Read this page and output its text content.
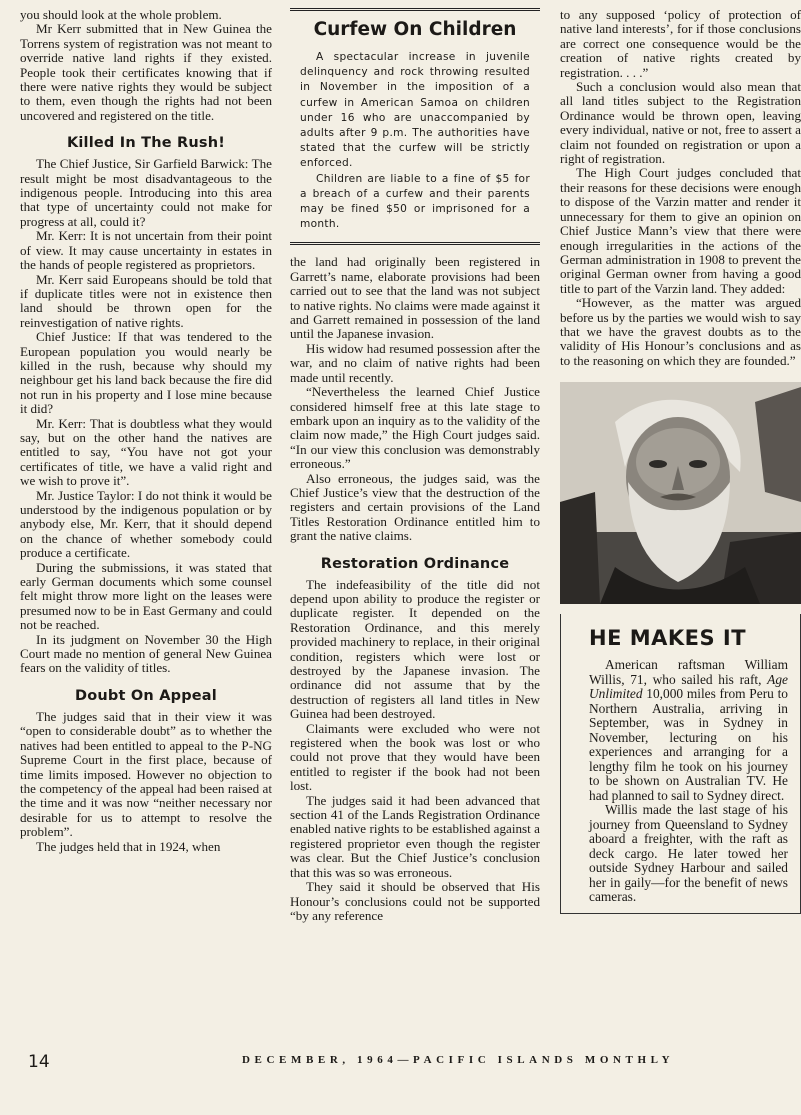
you should look at the whole problem.

Mr Kerr submitted that in New Guinea the Torrens system of registration was not meant to override native land rights if they existed. People took their certificates knowing that if there were native rights they would be subject to them, even though the rights had not been uncovered and registered on the title.

Killed In The Rush!

The Chief Justice, Sir Garfield Barwick: The result might be most disadvantageous to the indigenous people. Introducing into this area that type of uncertainty could not make for progress at all, could it?

Mr. Kerr: It is not uncertain from their point of view. It may cause uncertainty in estates in the hands of people registered as proprietors.

Mr. Kerr said Europeans should be told that if duplicate titles were not in existence then land should be thrown open for the reinvestigation of native rights.

Chief Justice: If that was tendered to the European population you would nearly be killed in the rush, because why should my neighbour get his land back because the fire did not run in his property and I lose mine because it did?

Mr. Kerr: That is doubtless what they would say, but on the other hand the natives are entitled to say, “You have not got your certificates of title, we have a valid right and we wish to prove it”.

Mr. Justice Taylor: I do not think it would be understood by the indigenous population or by anybody else, Mr. Kerr, that it should depend on the chance of whether somebody could produce a certificate.

During the submissions, it was stated that early German documents which some counsel felt might throw more light on the leases were presumed now to be in East Germany and could not be reached.

In its judgment on November 30 the High Court made no mention of general New Guinea fears on the validity of titles.

Doubt On Appeal

The judges said that in their view it was “open to considerable doubt” as to whether the natives had been entitled to appeal to the P-NG Supreme Court in the first place, because of time limits imposed. However no objection to the competency of the appeal had been raised at the time and it was now “neither necessary nor desirable for us to attempt to resolve the problem”.

The judges held that in 1924, when

Curfew On Children

A spectacular increase in juvenile delinquency and rock throwing resulted in November in the imposition of a curfew in American Samoa on children under 16 who are unaccompanied by adults after 9 p.m. The authorities have stated that the curfew will be strictly enforced.

Children are liable to a fine of $5 for a breach of a curfew and their parents may be fined $50 or imprisoned for a month.

the land had originally been registered in Garrett’s name, elaborate provisions had been carried out to see that the land was not subject to native rights. No claims were made against it and Garrett remained in possession of the land until the Japanese invasion.

His widow had resumed possession after the war, and no claim of native rights had been made until recently.

“Nevertheless the learned Chief Justice considered himself free at this late stage to embark upon an inquiry as to the validity of the claim now made,” the High Court judges said. “In our view this conclusion was demonstrably erroneous.”

Also erroneous, the judges said, was the Chief Justice’s view that the destruction of the registers and certain provisions of the Land Titles Restoration Ordinance entitled him to grant the native claims.

Restoration Ordinance

The indefeasibility of the title did not depend upon ability to produce the register or duplicate register. It depended on the Restoration Ordinance, and this merely provided machinery to replace, in their original condition, registers which were lost or destroyed by the Japanese invasion. The ordinance did not assume that by the destruction of registers all land titles in New Guinea had been destroyed.

Claimants were excluded who were not registered when the book was lost or who could not prove that they would have been entitled to register if the book had not been lost.

The judges said it had been advanced that section 41 of the Lands Registration Ordinance enabled native rights to be established against a registered proprietor even though the register was clear. But the Chief Justice’s conclusion that this was so was erroneous.

They said it should be observed that His Honour’s conclusions could not be supported “by any reference

to any supposed ‘policy of protection of native land interests’, for if those conclusions are correct one consequence would be the creation of native rights created by registration. . . .”

Such a conclusion would also mean that all land titles subject to the Registration Ordinance would be thrown open, leaving every individual, native or not, free to assert a claim not founded on registration or upon a right of registration.

The High Court judges concluded that their reasons for these decisions were enough to dispose of the Varzin matter and render it unnecessary for them to give an opinion on Chief Justice Mann’s view that there were enough irregularities in the actions of the German administration in 1908 to prevent the original German owner from having a good title to part of the Varzin land. They added:

“However, as the matter was argued before us by the parties we would wish to say that we have the gravest doubts as to the validity of His Honour’s conclusions and as to the reasoning on which they are founded.”

HE MAKES IT

American raftsman William Willis, 71, who sailed his raft, Age Unlimited 10,000 miles from Peru to Northern Australia, arriving in September, was in Sydney in November, lecturing on his experiences and arranging for a lengthy film he took on his journey to be shown on Australian TV. He had planned to sail to Sydney direct.

Willis made the last stage of his journey from Queensland to Sydney aboard a freighter, with the raft as deck cargo. He later towed her outside Sydney Harbour and sailed her in gaily—for the benefit of news cameras.

14	DECEMBER, 1964—PACIFIC ISLANDS MONTHLY
